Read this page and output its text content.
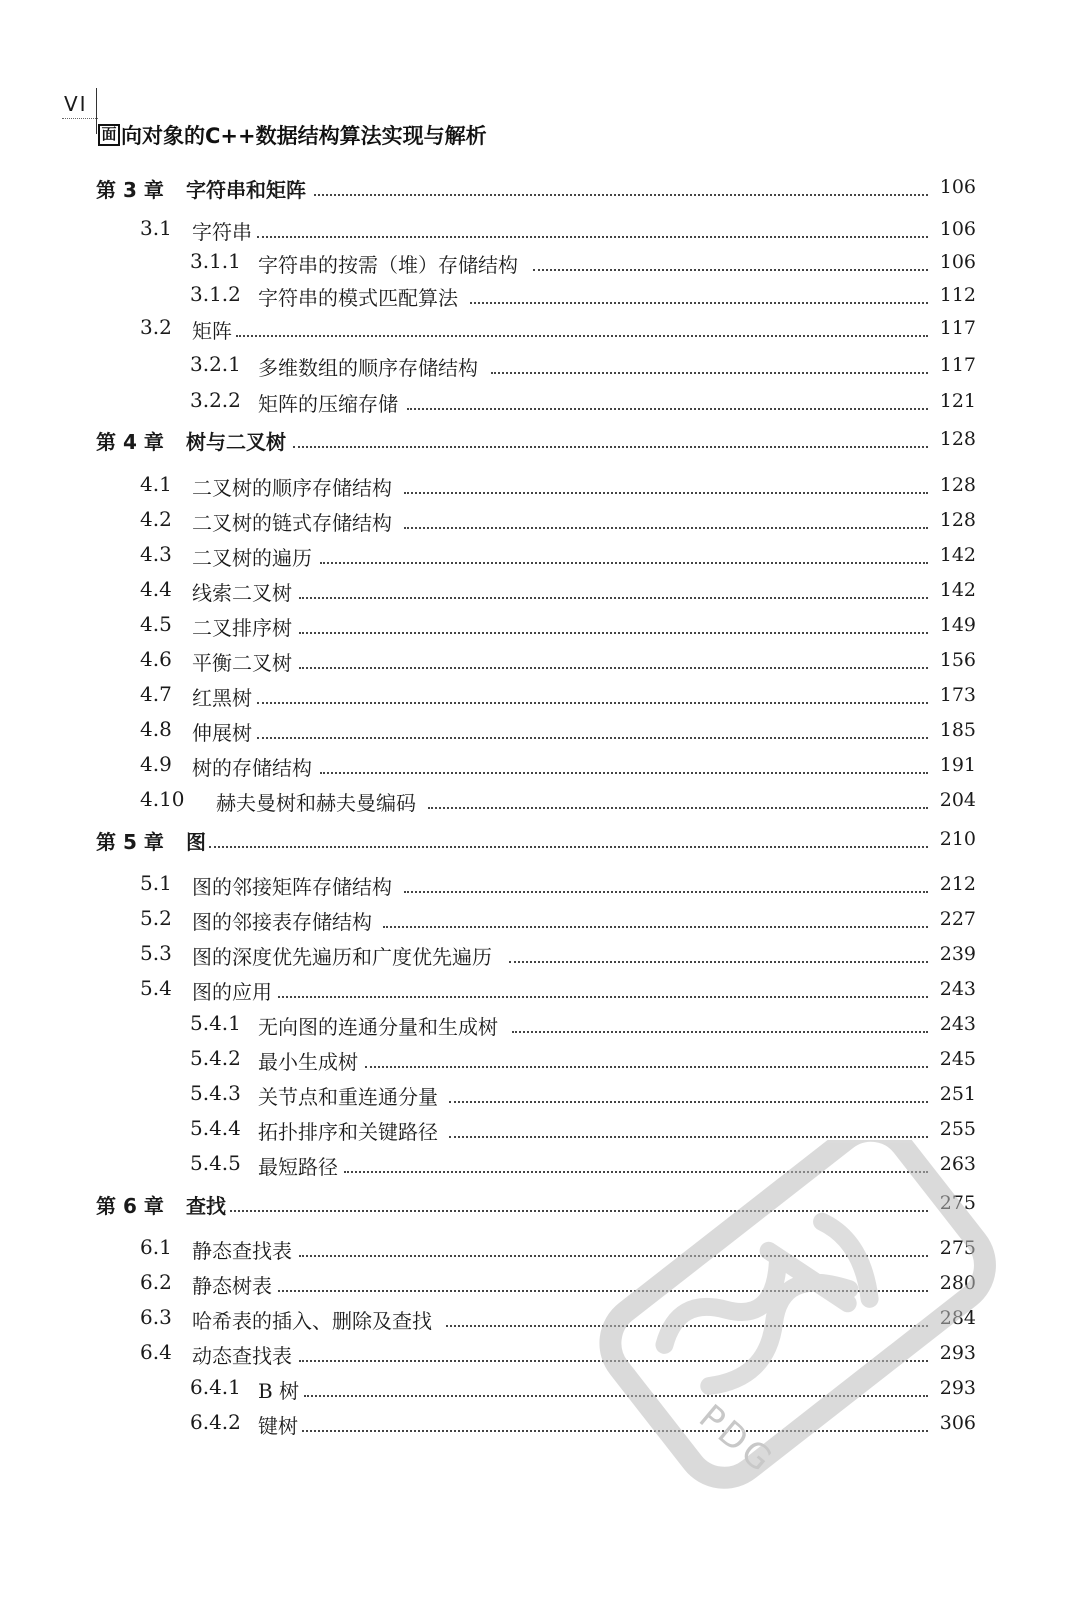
VI
面 向对象的C++数据结构算法实现与解析
第 3 章 字符串和矩阵	106
3.1 字符串	106
3.1.1 字符串的按需（堆）存储结构	106
3.1.2 字符串的模式匹配算法	112
3.2 矩阵	117
3.2.1 多维数组的顺序存储结构	117
3.2.2 矩阵的压缩存储	121
第 4 章 树与二叉树	128
4.1 二叉树的顺序存储结构	128
4.2 二叉树的链式存储结构	128
4.3 二叉树的遍历	142
4.4 线索二叉树	142
4.5 二叉排序树	149
4.6 平衡二叉树	156
4.7 红黑树	173
4.8 伸展树	185
4.9 树的存储结构	191
4.10 赫夫曼树和赫夫曼编码	204
第 5 章 图	210
5.1 图的邻接矩阵存储结构	212
5.2 图的邻接表存储结构	227
5.3 图的深度优先遍历和广度优先遍历	239
5.4 图的应用	243
5.4.1 无向图的连通分量和生成树	243
5.4.2 最小生成树	245
5.4.3 关节点和重连通分量	251
5.4.4 拓扑排序和关键路径	255
5.4.5 最短路径	263
第 6 章 查找	275
6.1 静态查找表	275
6.2 静态树表	280
6.3 哈希表的插入、删除及查找	284
6.4 动态查找表	293
6.4.1 B 树	293
6.4.2 键树	306
PDG
